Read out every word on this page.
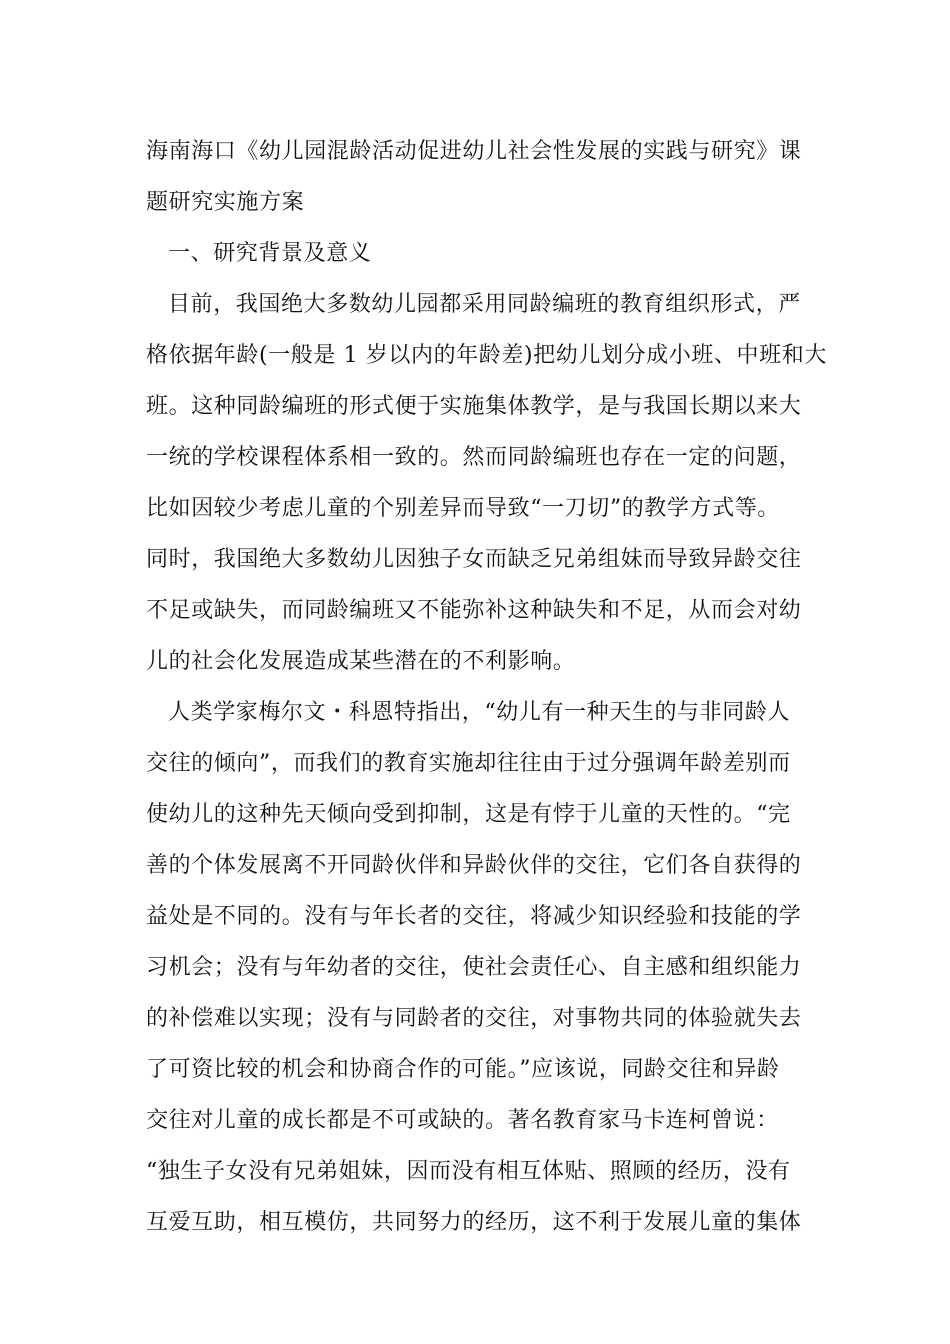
海南海口《幼儿园混龄活动促进幼儿社会性发展的实践与研究》课
题研究实施方案
一、研究背景及意义
目前，我国绝大多数幼儿园都采用同龄编班的教育组织形式，严
格依据年龄(一般是 1 岁以内的年龄差)把幼儿划分成小班、中班和大
班。这种同龄编班的形式便于实施集体教学，是与我国长期以来大
一统的学校课程体系相一致的。然而同龄编班也存在一定的问题，
比如因较少考虑儿童的个别差异而导致“一刀切”的教学方式等。
同时，我国绝大多数幼儿因独子女而缺乏兄弟组妹而导致异龄交往
不足或缺失，而同龄编班又不能弥补这种缺失和不足，从而会对幼
儿的社会化发展造成某些潜在的不利影响。
人类学家梅尔文・科恩特指出，“幼儿有一种天生的与非同龄人
交往的倾向”，而我们的教育实施却往往由于过分强调年龄差别而
使幼儿的这种先天倾向受到抑制，这是有悖于儿童的天性的。“完
善的个体发展离不开同龄伙伴和异龄伙伴的交往，它们各自获得的
益处是不同的。没有与年长者的交往，将减少知识经验和技能的学
习机会；没有与年幼者的交往，使社会责任心、自主感和组织能力
的补偿难以实现；没有与同龄者的交往，对事物共同的体验就失去
了可资比较的机会和协商合作的可能。”应该说，同龄交往和异龄
交往对儿童的成长都是不可或缺的。著名教育家马卡连柯曾说：
“独生子女没有兄弟姐妹，因而没有相互体贴、照顾的经历，没有
互爱互助，相互模仿，共同努力的经历，这不利于发展儿童的集体
